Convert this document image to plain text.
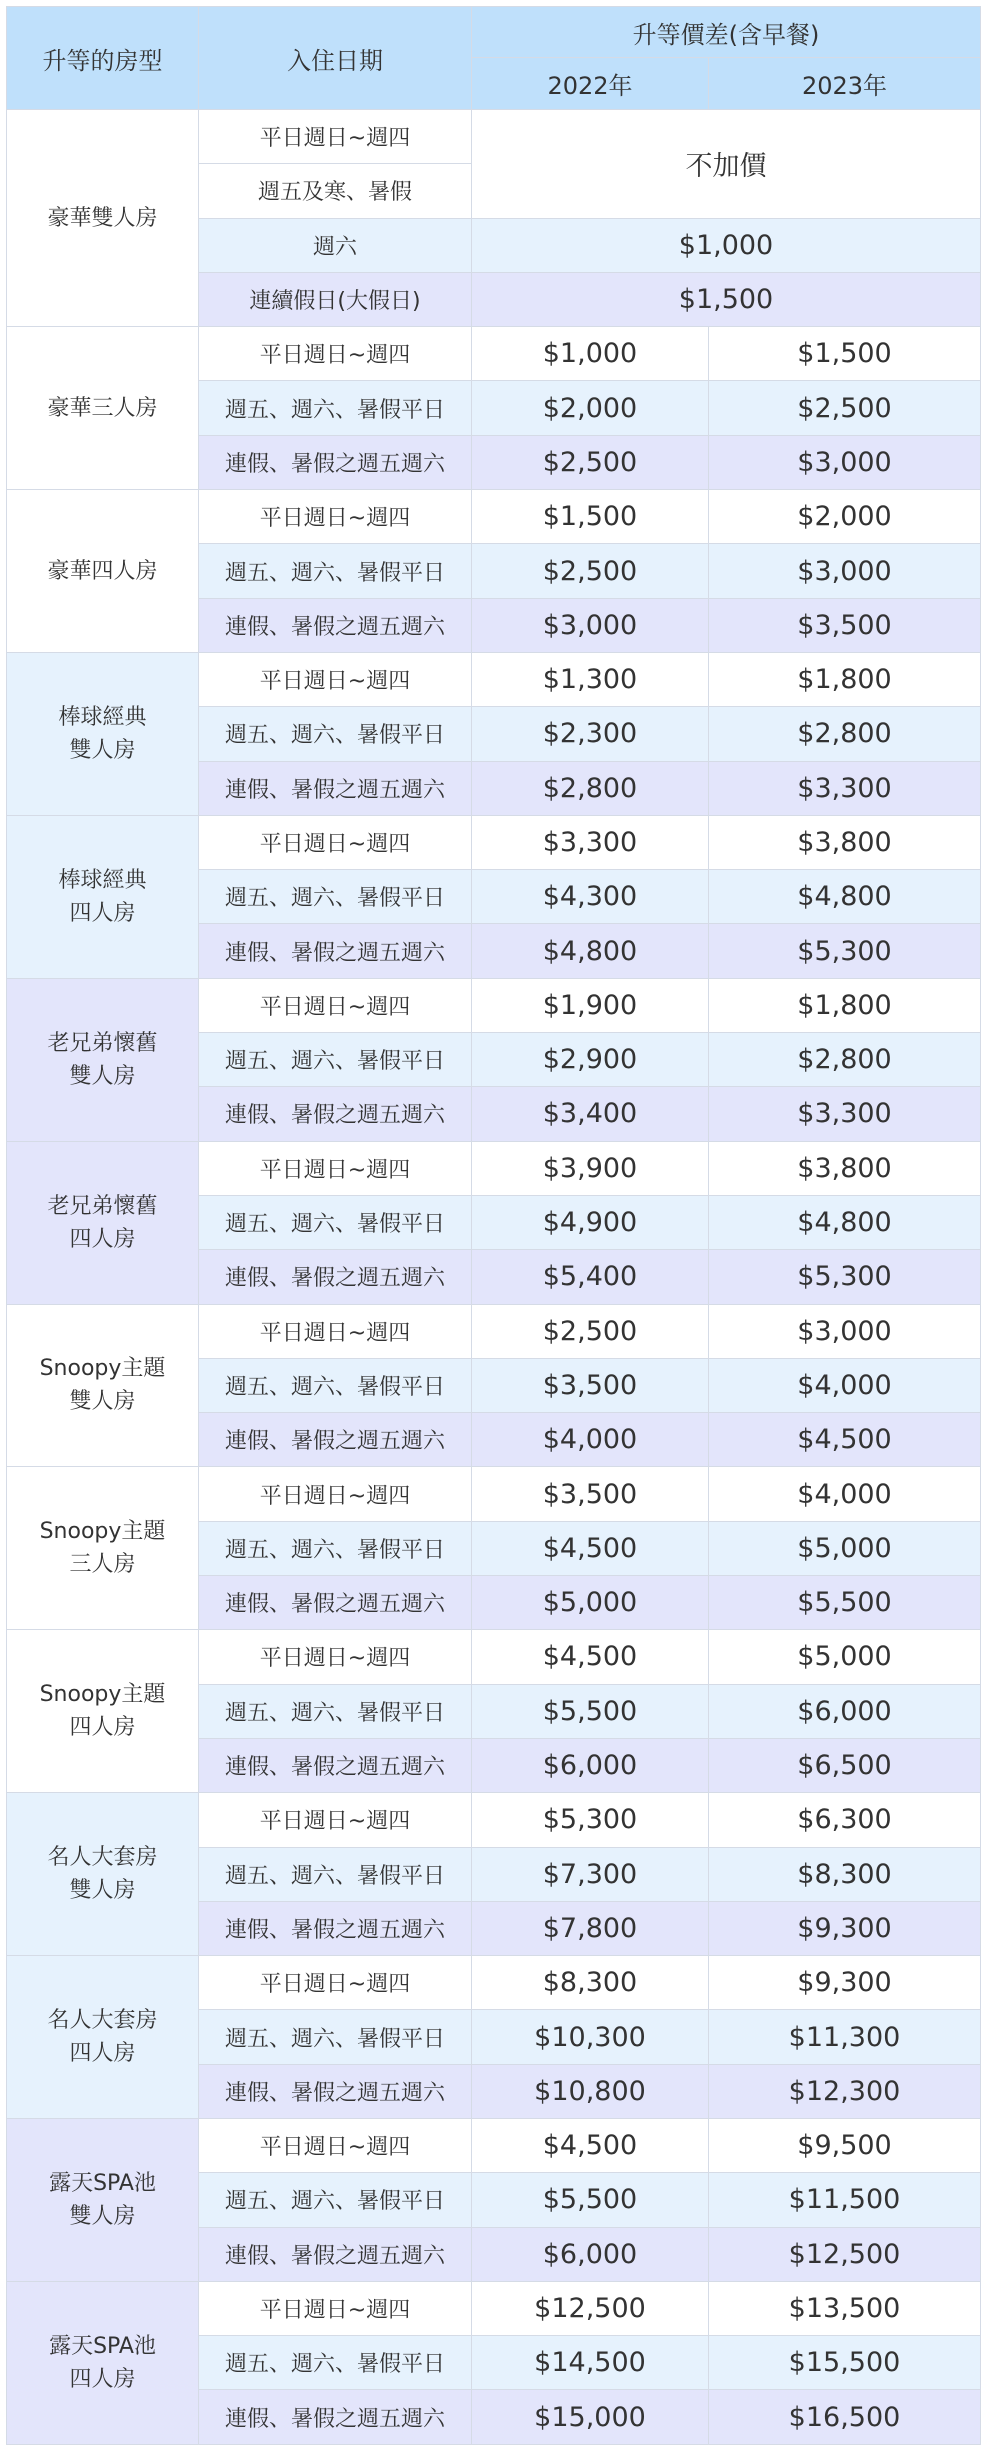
升等的房型	入住日期	升等價差(含早餐)	
		2022年	2023年
豪華雙人房	平日週日~週四	不加價	
	週五及寒、暑假		
	週六	$1,000	
	連續假日(大假日)	$1,500	
豪華三人房	平日週日~週四	$1,000	$1,500
	週五、週六、暑假平日	$2,000	$2,500
	連假、暑假之週五週六	$2,500	$3,000
豪華四人房	平日週日~週四	$1,500	$2,000
	週五、週六、暑假平日	$2,500	$3,000
	連假、暑假之週五週六	$3,000	$3,500
棒球經典
雙人房	平日週日~週四	$1,300	$1,800
	週五、週六、暑假平日	$2,300	$2,800
	連假、暑假之週五週六	$2,800	$3,300
棒球經典
四人房	平日週日~週四	$3,300	$3,800
	週五、週六、暑假平日	$4,300	$4,800
	連假、暑假之週五週六	$4,800	$5,300
老兄弟懷舊
雙人房	平日週日~週四	$1,900	$1,800
	週五、週六、暑假平日	$2,900	$2,800
	連假、暑假之週五週六	$3,400	$3,300
老兄弟懷舊
四人房	平日週日~週四	$3,900	$3,800
	週五、週六、暑假平日	$4,900	$4,800
	連假、暑假之週五週六	$5,400	$5,300
Snoopy主題
雙人房	平日週日~週四	$2,500	$3,000
	週五、週六、暑假平日	$3,500	$4,000
	連假、暑假之週五週六	$4,000	$4,500
Snoopy主題
三人房	平日週日~週四	$3,500	$4,000
	週五、週六、暑假平日	$4,500	$5,000
	連假、暑假之週五週六	$5,000	$5,500
Snoopy主題
四人房	平日週日~週四	$4,500	$5,000
	週五、週六、暑假平日	$5,500	$6,000
	連假、暑假之週五週六	$6,000	$6,500
名人大套房
雙人房	平日週日~週四	$5,300	$6,300
	週五、週六、暑假平日	$7,300	$8,300
	連假、暑假之週五週六	$7,800	$9,300
名人大套房
四人房	平日週日~週四	$8,300	$9,300
	週五、週六、暑假平日	$10,300	$11,300
	連假、暑假之週五週六	$10,800	$12,300
露天SPA池
雙人房	平日週日~週四	$4,500	$9,500
	週五、週六、暑假平日	$5,500	$11,500
	連假、暑假之週五週六	$6,000	$12,500
露天SPA池
四人房	平日週日~週四	$12,500	$13,500
	週五、週六、暑假平日	$14,500	$15,500
	連假、暑假之週五週六	$15,000	$16,500
